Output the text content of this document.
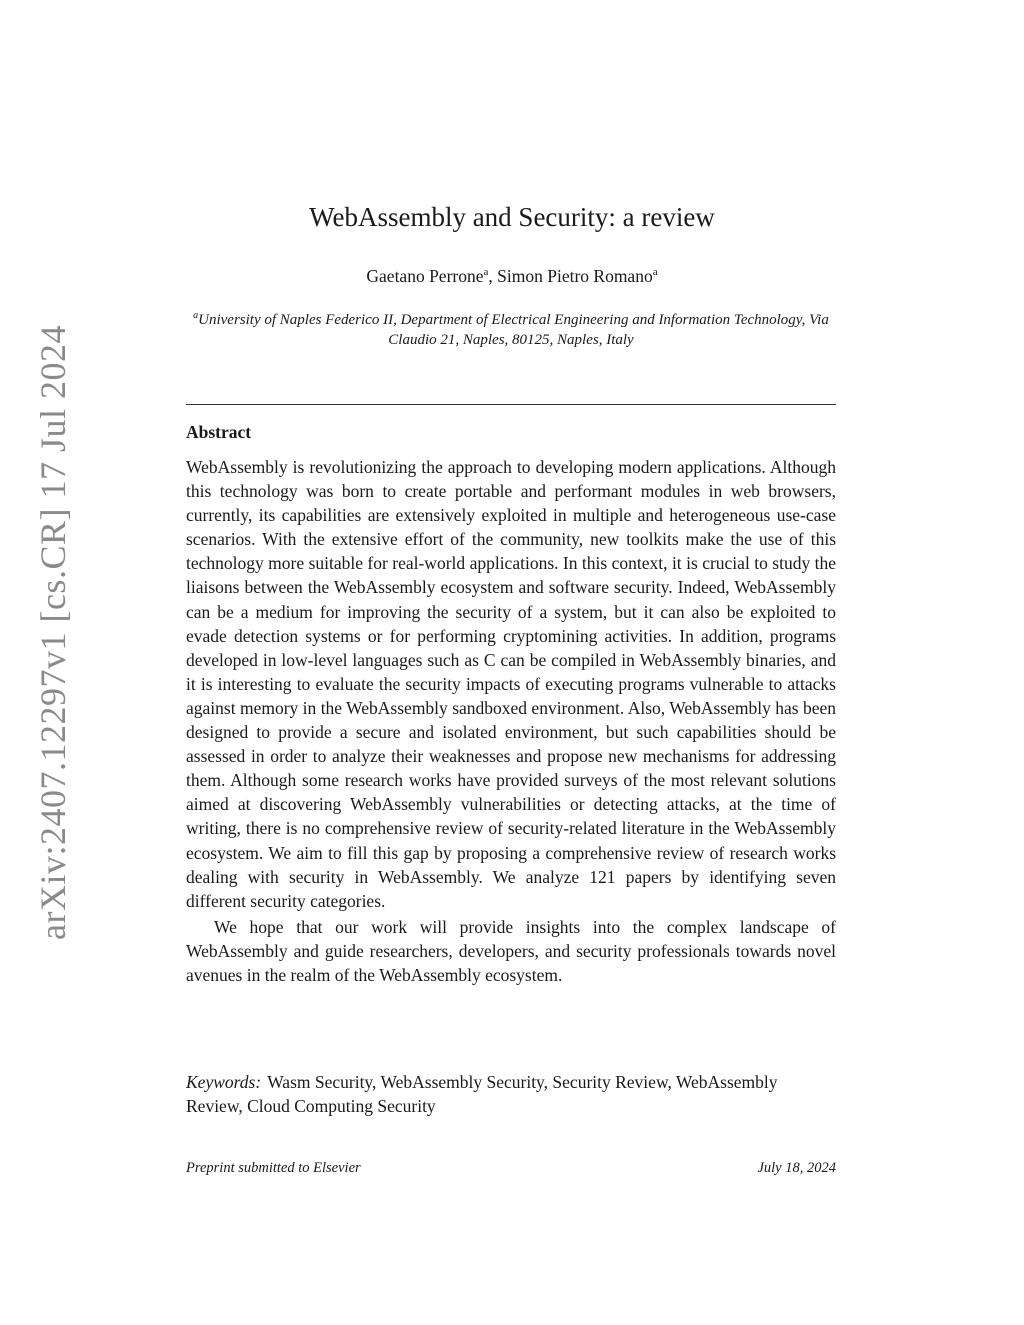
arXiv:2407.12297v1 [cs.CR] 17 Jul 2024
WebAssembly and Security: a review
Gaetano Perrone$^a$, Simon Pietro Romano$^a$
$^a$University of Naples Federico II, Department of Electrical Engineering and Information Technology, Via Claudio 21, Naples, 80125, Naples, Italy
Abstract

WebAssembly is revolutionizing the approach to developing modern applications. Although this technology was born to create portable and performant modules in web browsers, currently, its capabilities are extensively exploited in multiple and heterogeneous use-case scenarios. With the extensive effort of the community, new toolkits make the use of this technology more suitable for real-world applications. In this context, it is crucial to study the liaisons between the WebAssembly ecosystem and software security. Indeed, WebAssembly can be a medium for improving the security of a system, but it can also be exploited to evade detection systems or for performing cryptomining activities. In addition, programs developed in low-level languages such as C can be compiled in WebAssembly binaries, and it is interesting to evaluate the security impacts of executing programs vulnerable to attacks against memory in the WebAssembly sandboxed environment. Also, WebAssembly has been designed to provide a secure and isolated environment, but such capabilities should be assessed in order to analyze their weaknesses and propose new mechanisms for addressing them. Although some research works have provided surveys of the most relevant solutions aimed at discovering WebAssembly vulnerabilities or detecting attacks, at the time of writing, there is no comprehensive review of security-related literature in the WebAssembly ecosystem. We aim to fill this gap by proposing a comprehensive review of research works dealing with security in WebAssembly. We analyze 121 papers by identifying seven different security categories.

We hope that our work will provide insights into the complex landscape of WebAssembly and guide researchers, developers, and security professionals towards novel avenues in the realm of the WebAssembly ecosystem.

Keywords: Wasm Security, WebAssembly Security, Security Review, WebAssembly Review, Cloud Computing Security
Preprint submitted to Elsevier	July 18, 2024
